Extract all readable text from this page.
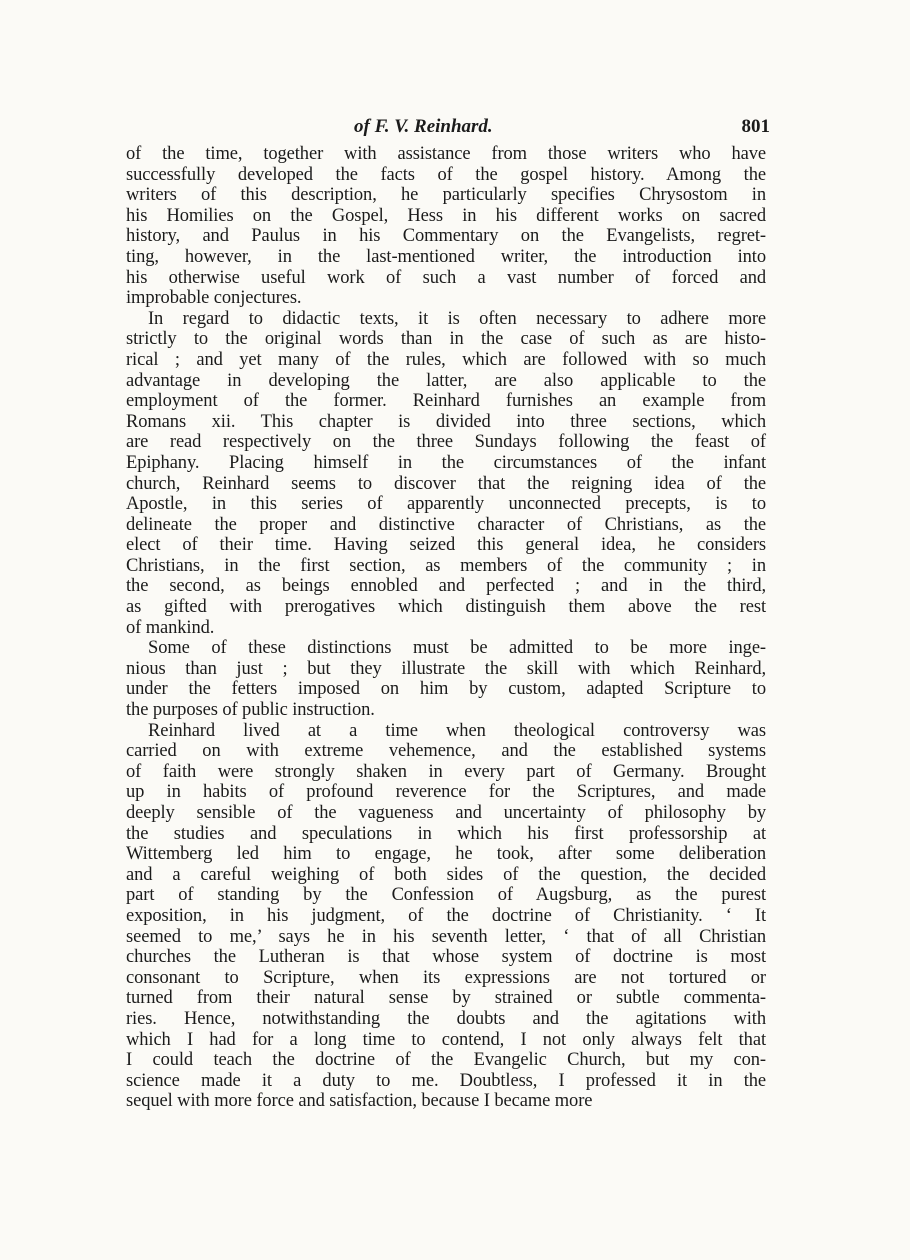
of F. V. Reinhard.	801
of the time, together with assistance from those writers who have
successfully developed the facts of the gospel history. Among the
writers of this description, he particularly specifies Chrysostom in
his Homilies on the Gospel, Hess in his different works on sacred
history, and Paulus in his Commentary on the Evangelists, regret-
ting, however, in the last-mentioned writer, the introduction into
his otherwise useful work of such a vast number of forced and
improbable conjectures.
In regard to didactic texts, it is often necessary to adhere more
strictly to the original words than in the case of such as are histo-
rical ; and yet many of the rules, which are followed with so much
advantage in developing the latter, are also applicable to the
employment of the former. Reinhard furnishes an example from
Romans xii. This chapter is divided into three sections, which
are read respectively on the three Sundays following the feast of
Epiphany. Placing himself in the circumstances of the infant
church, Reinhard seems to discover that the reigning idea of the
Apostle, in this series of apparently unconnected precepts, is to
delineate the proper and distinctive character of Christians, as the
elect of their time. Having seized this general idea, he considers
Christians, in the first section, as members of the community ; in
the second, as beings ennobled and perfected ; and in the third,
as gifted with prerogatives which distinguish them above the rest
of mankind.
Some of these distinctions must be admitted to be more inge-
nious than just ; but they illustrate the skill with which Reinhard,
under the fetters imposed on him by custom, adapted Scripture to
the purposes of public instruction.
Reinhard lived at a time when theological controversy was
carried on with extreme vehemence, and the established systems
of faith were strongly shaken in every part of Germany. Brought
up in habits of profound reverence for the Scriptures, and made
deeply sensible of the vagueness and uncertainty of philosophy by
the studies and speculations in which his first professorship at
Wittemberg led him to engage, he took, after some deliberation
and a careful weighing of both sides of the question, the decided
part of standing by the Confession of Augsburg, as the purest
exposition, in his judgment, of the doctrine of Christianity. ‘ It
seemed to me,’ says he in his seventh letter, ‘ that of all Christian
churches the Lutheran is that whose system of doctrine is most
consonant to Scripture, when its expressions are not tortured or
turned from their natural sense by strained or subtle commenta-
ries. Hence, notwithstanding the doubts and the agitations with
which I had for a long time to contend, I not only always felt that
I could teach the doctrine of the Evangelic Church, but my con-
science made it a duty to me. Doubtless, I professed it in the
sequel with more force and satisfaction, because I became more
